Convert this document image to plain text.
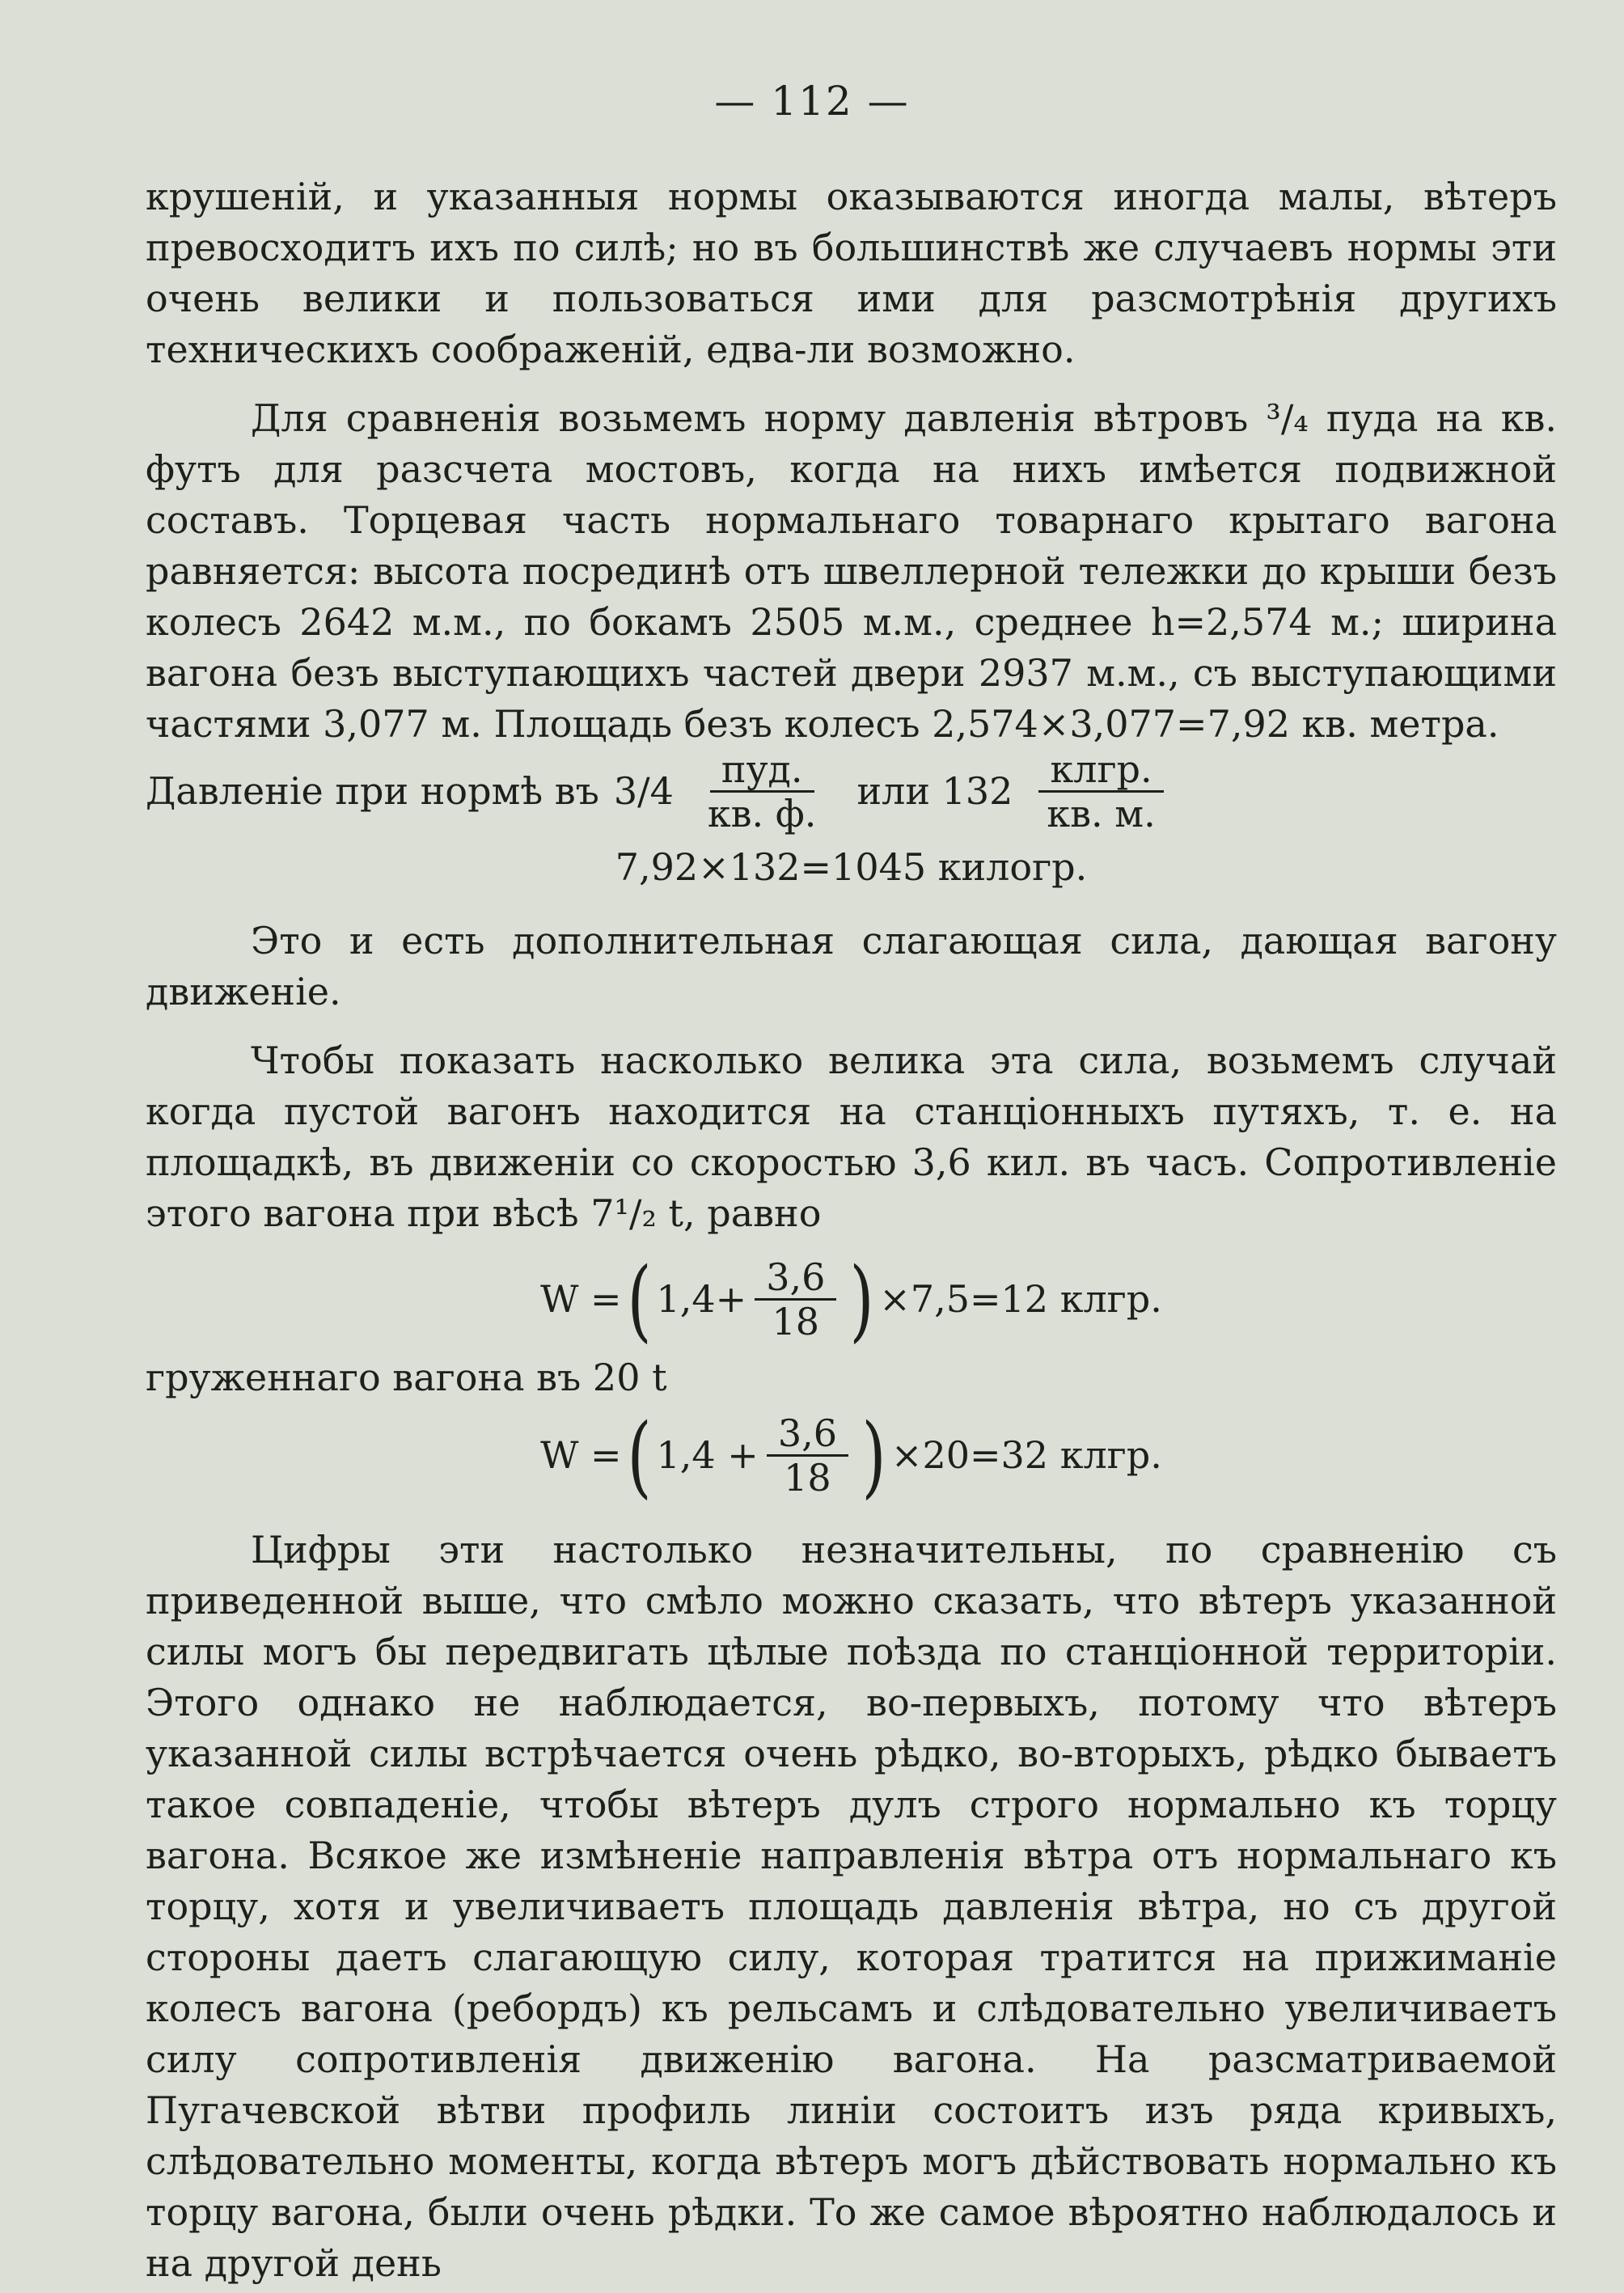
— 112 —

крушеній, и указанныя нормы оказываются иногда малы, вѣтеръ превосходитъ ихъ по силѣ; но въ большинствѣ же случаевъ нормы эти очень велики и пользоваться ими для разсмотрѣнія другихъ техническихъ соображеній, едва-ли возможно.

Для сравненія возьмемъ норму давленія вѣтровъ ³/₄ пуда на кв. футъ для разсчета мостовъ, когда на нихъ имѣется подвижной составъ. Торцевая часть нормальнаго товарнаго крытаго вагона равняется: высота посрединѣ отъ швеллерной тележки до крыши безъ колесъ 2642 м.м., по бокамъ 2505 м.м., среднее h=2,574 м.; ширина вагона безъ выступающихъ частей двери 2937 м.м., съ выступающими частями 3,077 м. Площадь безъ колесъ 2,574×3,077=7,92 кв. метра.

Давленіе при нормѣ въ $3/4 \frac{\text{пуд.}}{кв. ф.}$ или $132 \frac{\text{клгр.}}{кв. м.}$
7,92×132=1045 килогр.

Это и есть дополнительная слагающая сила, дающая вагону движеніе.

Чтобы показать насколько велика эта сила, возьмемъ случай когда пустой вагонъ находится на станціонныхъ путяхъ, т. е. на площадкѣ, въ движеніи со скоростью 3,6 кил. въ часъ. Сопротивленіе этого вагона при вѣсѣ 7¹/₂ t, равно

W = ( $1,4+ \frac{3,6}{18}$ ) ×7,5=12 клгр.

груженнаго вагона въ 20 t

W = ( $1,4 + \frac{3,6}{18}$ ) ×20=32 клгр.

Цифры эти настолько незначительны, по сравненію съ приведенной выше, что смѣло можно сказать, что вѣтеръ указанной силы могъ бы передвигать цѣлые поѣзда по станціонной территоріи. Этого однако не наблюдается, во-первыхъ, потому что вѣтеръ указанной силы встрѣчается очень рѣдко, во-вторыхъ, рѣдко бываетъ такое совпаденіе, чтобы вѣтеръ дулъ строго нормально къ торцу вагона. Всякое же измѣненіе направленія вѣтра отъ нормальнаго къ торцу, хотя и увеличиваетъ площадь давленія вѣтра, но съ другой стороны даетъ слагающую силу, которая тратится на прижиманіе колесъ вагона (ребордъ) къ рельсамъ и слѣдовательно увеличиваетъ силу сопротивленія движенію вагона. На разсматриваемой Пугачевской вѣтви профиль линіи состоитъ изъ ряда кривыхъ, слѣдовательно моменты, когда вѣтеръ могъ дѣйствовать нормально къ торцу вагона, были очень рѣдки. То же самое вѣроятно наблюдалось и на другой день
